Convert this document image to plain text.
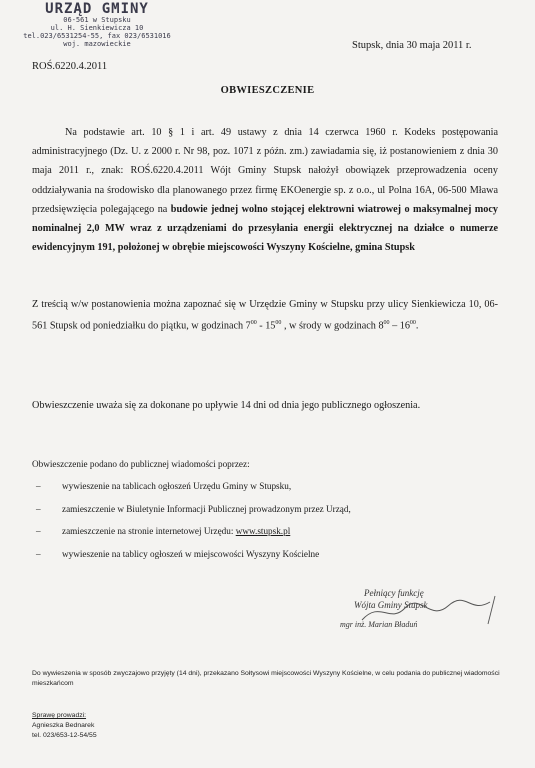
URZĄD GMINY
06-561 w Stupsku
ul. H. Sienkiewicza 10
tel.023/6531254-55, fax 023/6531016
woj. mazowieckie	Stupsk, dnia 30 maja 2011 r.
ROŚ.6220.4.2011
OBWIESZCZENIE
Na podstawie art. 10 § 1 i art. 49 ustawy z dnia 14 czerwca 1960 r. Kodeks postępowania administracyjnego (Dz. U. z 2000 r. Nr 98, poz. 1071 z późn. zm.) zawiadamia się, iż postanowieniem z dnia 30 maja 2011 r., znak: ROŚ.6220.4.2011 Wójt Gminy Stupsk nałożył obowiązek przeprowadzenia oceny oddziaływania na środowisko dla planowanego przez firmę EKOenergie sp. z o.o., ul Polna 16A, 06-500 Mława przedsięwzięcia polegającego na budowie jednej wolno stojącej elektrowni wiatrowej o maksymalnej mocy nominalnej 2,0 MW wraz z urządzeniami do przesyłania energii elektrycznej na działce o numerze ewidencyjnym 191, położonej w obrębie miejscowości Wyszyny Kościelne, gmina Stupsk
Z treścią w/w postanowienia można zapoznać się w Urzędzie Gminy w Stupsku przy ulicy Sienkiewicza 10, 06-561 Stupsk od poniedziałku do piątku, w godzinach $7^{00} - 15^{00}$ , w środy w godzinach $8^{00} - 16^{00}$.
Obwieszczenie uważa się za dokonane po upływie 14 dni od dnia jego publicznego ogłoszenia.
Obwieszczenie podano do publicznej wiadomości poprzez:
– wywieszenie na tablicach ogłoszeń Urzędu Gminy w Stupsku,
– zamieszczenie w Biuletynie Informacji Publicznej prowadzonym przez Urząd,
– zamieszczenie na stronie internetowej Urzędu: www.stupsk.pl
– wywieszenie na tablicy ogłoszeń w miejscowości Wyszyny Kościelne
Pełniący funkcję
Wójta Gminy Stupsk
mgr inż. Marian Bładuń
Do wywieszenia w sposób zwyczajowo przyjęty (14 dni), przekazano Sołtysowi miejscowości Wyszyny Kościelne, w celu podania do publicznej wiadomości mieszkańcom
Sprawę prowadzi:
Agnieszka Bednarek
tel. 023/653-12-54/55
